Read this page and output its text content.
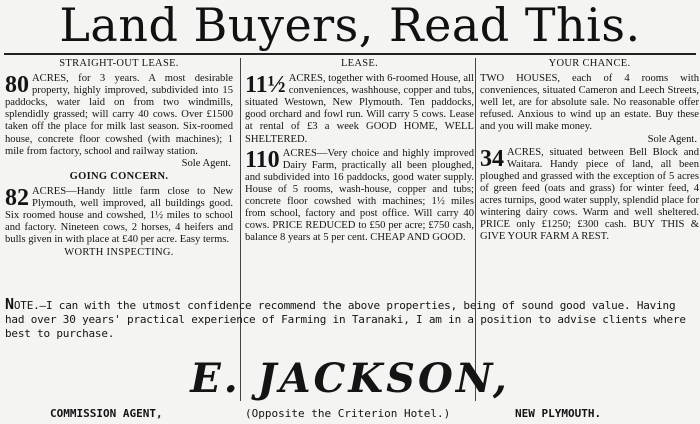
Land Buyers, Read This.
STRAIGHT-OUT LEASE.

80 ACRES, for 3 years. A most desirable property, highly improved, subdivided into 15 paddocks, water laid on from two windmills, splendidly grassed; will carry 40 cows. Over £1500 taken off the place for milk last season. Six-roomed house, concrete floor cowshed (with machines); 1 mile from factory, school and railway station.

Sole Agent.
GOING CONCERN.

82 ACRES—Handy little farm close to New Plymouth, well improved, all buildings good. Six roomed house and cowshed, 1½ miles to school and factory. Nineteen cows, 2 horses, 4 heifers and bulls given in with place at £40 per acre. Easy terms.

WORTH INSPECTING.
LEASE.

11½ ACRES, together with 6-roomed House, all conveniences, washhouse, copper and tubs, situated Westown, New Plymouth. Ten paddocks, good orchard and fowl run. Will carry 5 cows. Lease at rental of £3 a week GOOD HOME, WELL SHELTERED.

110 ACRES—Very choice and highly improved Dairy Farm, practically all been ploughed, and subdivided into 16 paddocks, good water supply. House of 5 rooms, wash-house, copper and tubs; concrete floor cowshed with machines; 1½ miles from school, factory and post office. Will carry 40 cows. PRICE REDUCED to £50 per acre; £750 cash, balance 8 years at 5 per cent. CHEAP AND GOOD.

YOUR CHANCE.

TWO HOUSES, each of 4 rooms with conveniences, situated Cameron and Leech Streets, well let, are for absolute sale. No reasonable offer refused. Anxious to wind up an estate. Buy these and you will make money.

Sole Agent.

34 ACRES, situated between Bell Block and Waitara. Handy piece of land, all been ploughed and grassed with the exception of 5 acres of green feed (oats and grass) for winter feed, 4 acres turnips, good water supply, splendid place for wintering dairy cows. Warm and well sheltered. PRICE only £1250; £300 cash. BUY THIS & GIVE YOUR FARM A REST.

NOTE.—I can with the utmost confidence recommend the above properties, being of sound good value. Having had over 30 years' practical experience of Farming in Taranaki, I am in a position to advise clients where best to purchase.
E. JACKSON,
COMMISSION AGENT,	(Opposite the Criterion Hotel.)	NEW PLYMOUTH.
